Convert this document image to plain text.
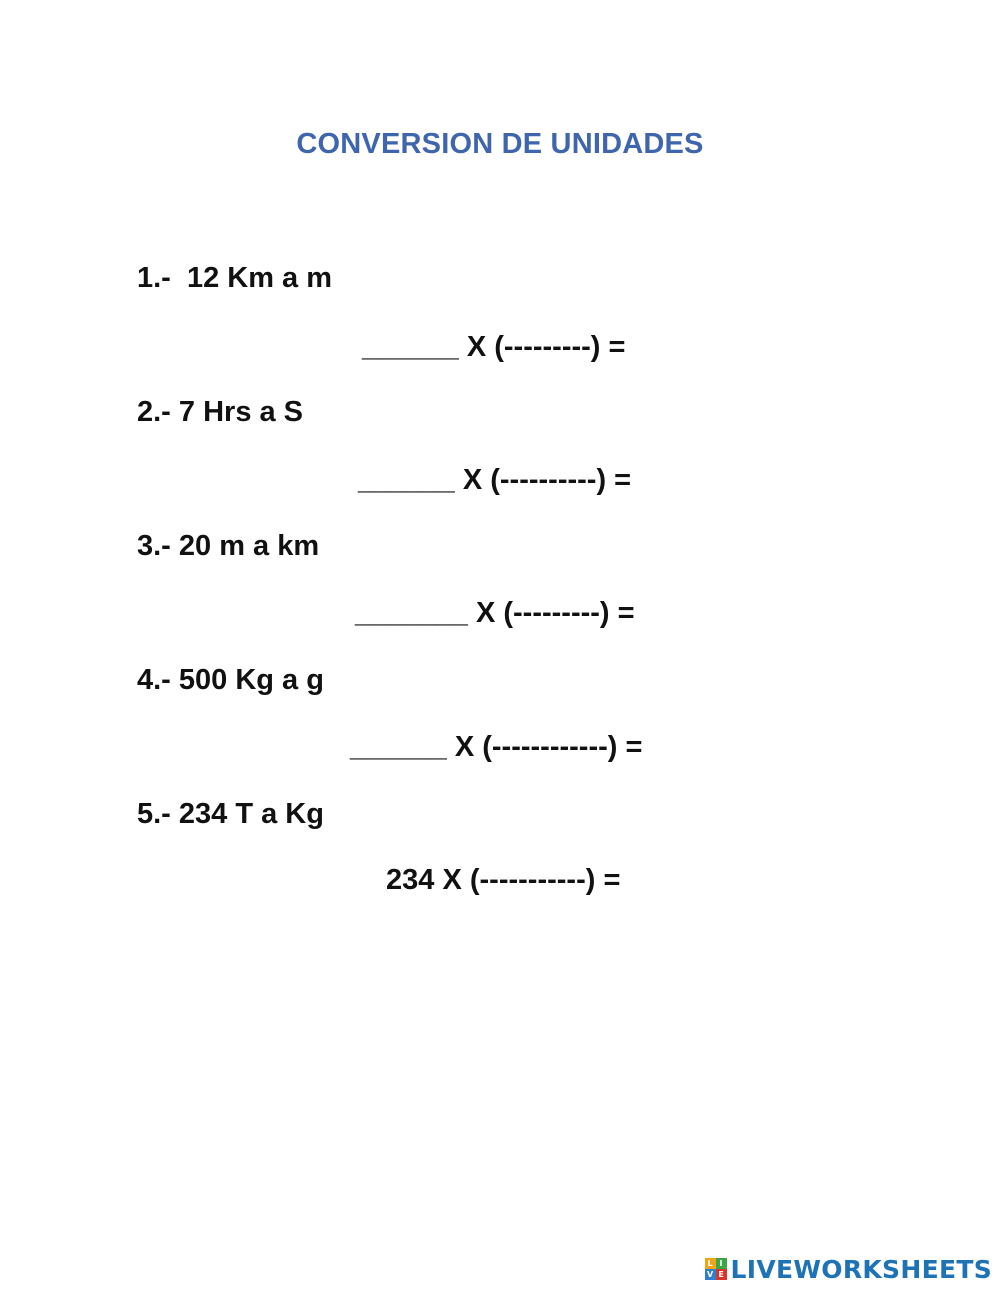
CONVERSION DE UNIDADES
1.-  12 Km a m
______ X (---------) =
2.- 7 Hrs a S
______ X (----------) =
3.- 20 m a km
_______ X (---------) =
4.- 500 Kg a g
______ X (------------) =
5.- 234 T a Kg
234 X (-----------) =
L I
V E LIVEWORKSHEETS
